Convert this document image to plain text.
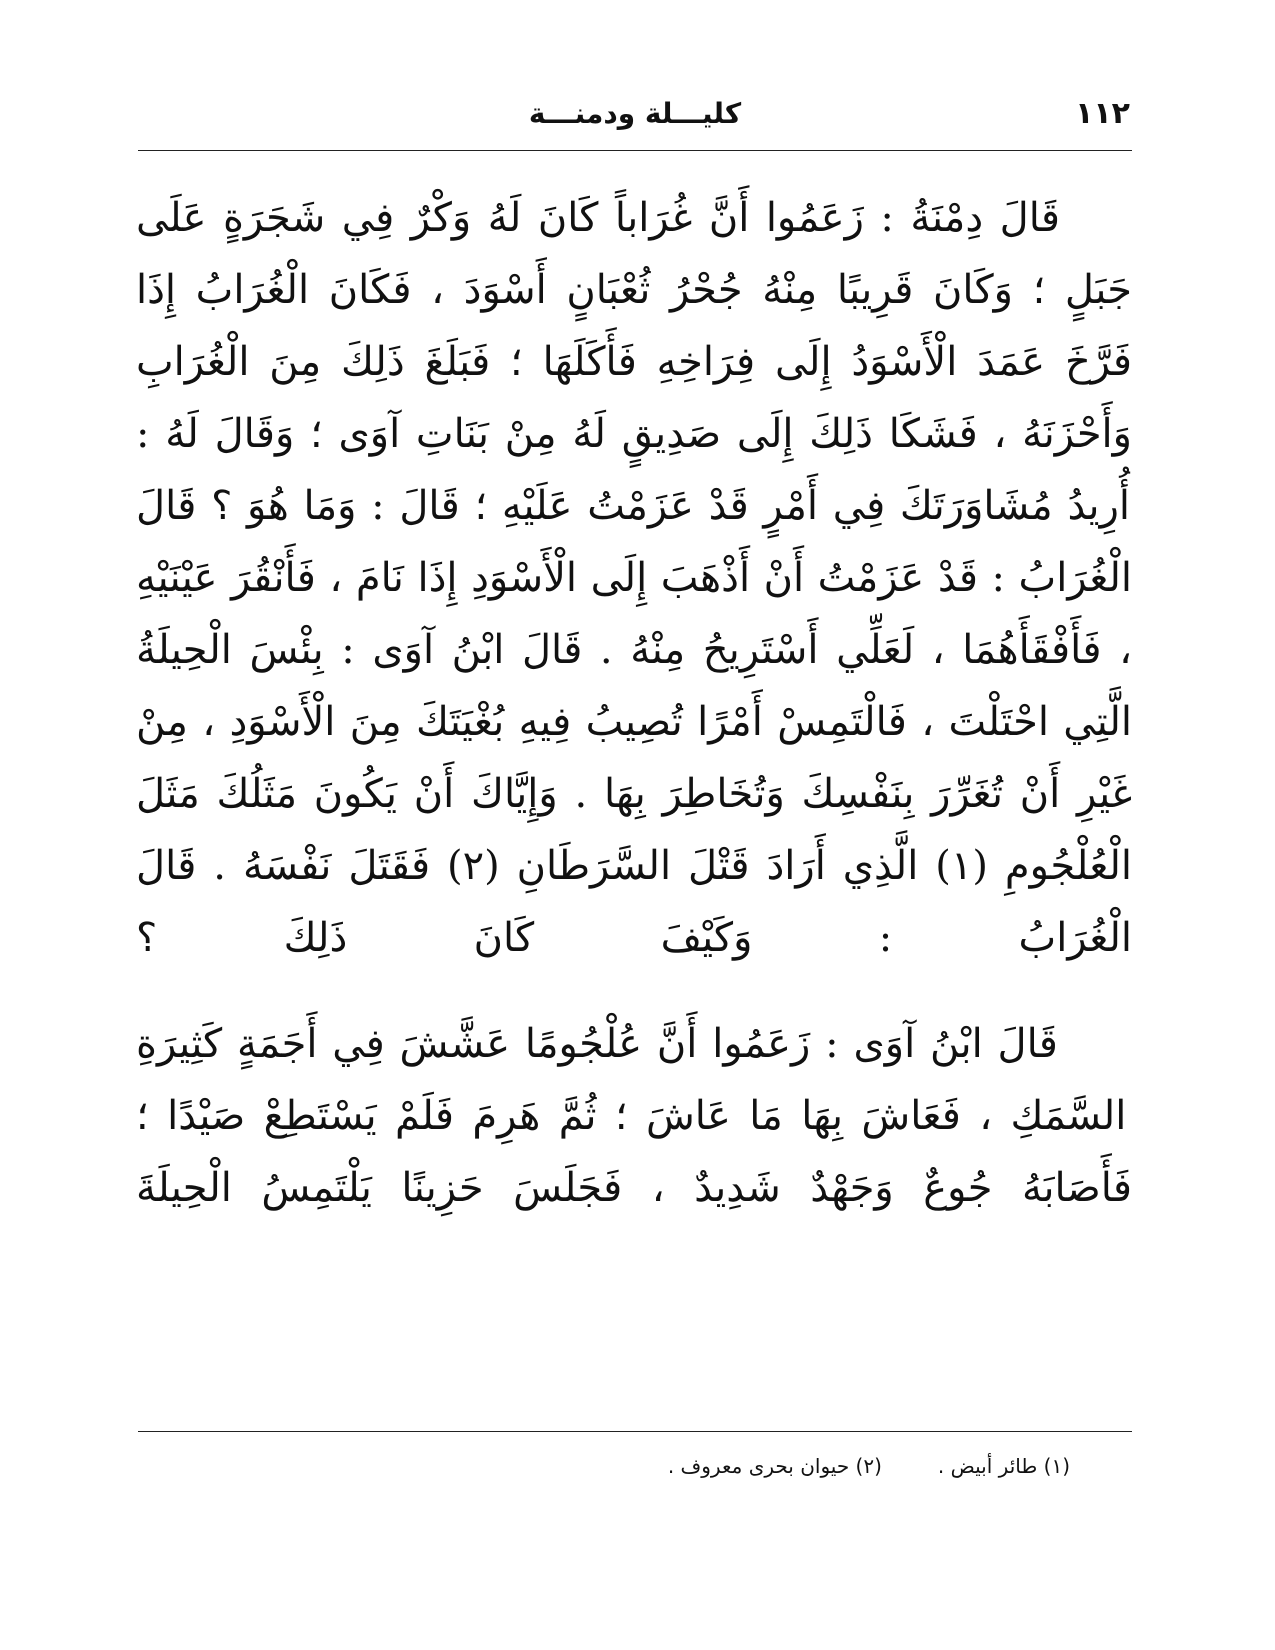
١١٢
كليـــلة ودمنـــة

قَالَ دِمْنَةُ : زَعَمُوا أَنَّ غُرَاباً كَانَ لَهُ وَكْرٌ فِي شَجَرَةٍ عَلَى جَبَلٍ ؛ وَكَانَ قَرِيبًا مِنْهُ جُحْرُ ثُعْبَانٍ أَسْوَدَ ، فَكَانَ الْغُرَابُ إِذَا فَرَّخَ عَمَدَ الْأَسْوَدُ إِلَى فِرَاخِهِ فَأَكَلَهَا ؛ فَبَلَغَ ذَلِكَ مِنَ الْغُرَابِ وَأَحْزَنَهُ ، فَشَكَا ذَلِكَ إِلَى صَدِيقٍ لَهُ مِنْ بَنَاتِ آوَى ؛ وَقَالَ لَهُ : أُرِيدُ مُشَاوَرَتَكَ فِي أَمْرٍ قَدْ عَزَمْتُ عَلَيْهِ ؛ قَالَ : وَمَا هُوَ ؟ قَالَ الْغُرَابُ : قَدْ عَزَمْتُ أَنْ أَذْهَبَ إِلَى الْأَسْوَدِ إِذَا نَامَ ، فَأَنْقُرَ عَيْنَيْهِ ، فَأَفْقَأَهُمَا ، لَعَلِّي أَسْتَرِيحُ مِنْهُ . قَالَ ابْنُ آوَى : بِئْسَ الْحِيلَةُ الَّتِي احْتَلْتَ ، فَالْتَمِسْ أَمْرًا تُصِيبُ فِيهِ بُغْيَتَكَ مِنَ الْأَسْوَدِ ، مِنْ غَيْرِ أَنْ تُغَرِّرَ بِنَفْسِكَ وَتُخَاطِرَ بِهَا . وَإِيَّاكَ أَنْ يَكُونَ مَثَلُكَ مَثَلَ الْعُلْجُومِ (١) الَّذِي أَرَادَ قَتْلَ السَّرَطَانِ (٢) فَقَتَلَ نَفْسَهُ . قَالَ الْغُرَابُ : وَكَيْفَ كَانَ ذَلِكَ ؟

قَالَ ابْنُ آوَى : زَعَمُوا أَنَّ عُلْجُومًا عَشَّشَ فِي أَجَمَةٍ كَثِيرَةِ السَّمَكِ ، فَعَاشَ بِهَا مَا عَاشَ ؛ ثُمَّ هَرِمَ فَلَمْ يَسْتَطِعْ صَيْدًا ؛ فَأَصَابَهُ جُوعٌ وَجَهْدٌ شَدِيدٌ ، فَجَلَسَ حَزِينًا يَلْتَمِسُ الْحِيلَةَ

(١) طائر أبيض .
(٢) حيوان بحرى معروف .
